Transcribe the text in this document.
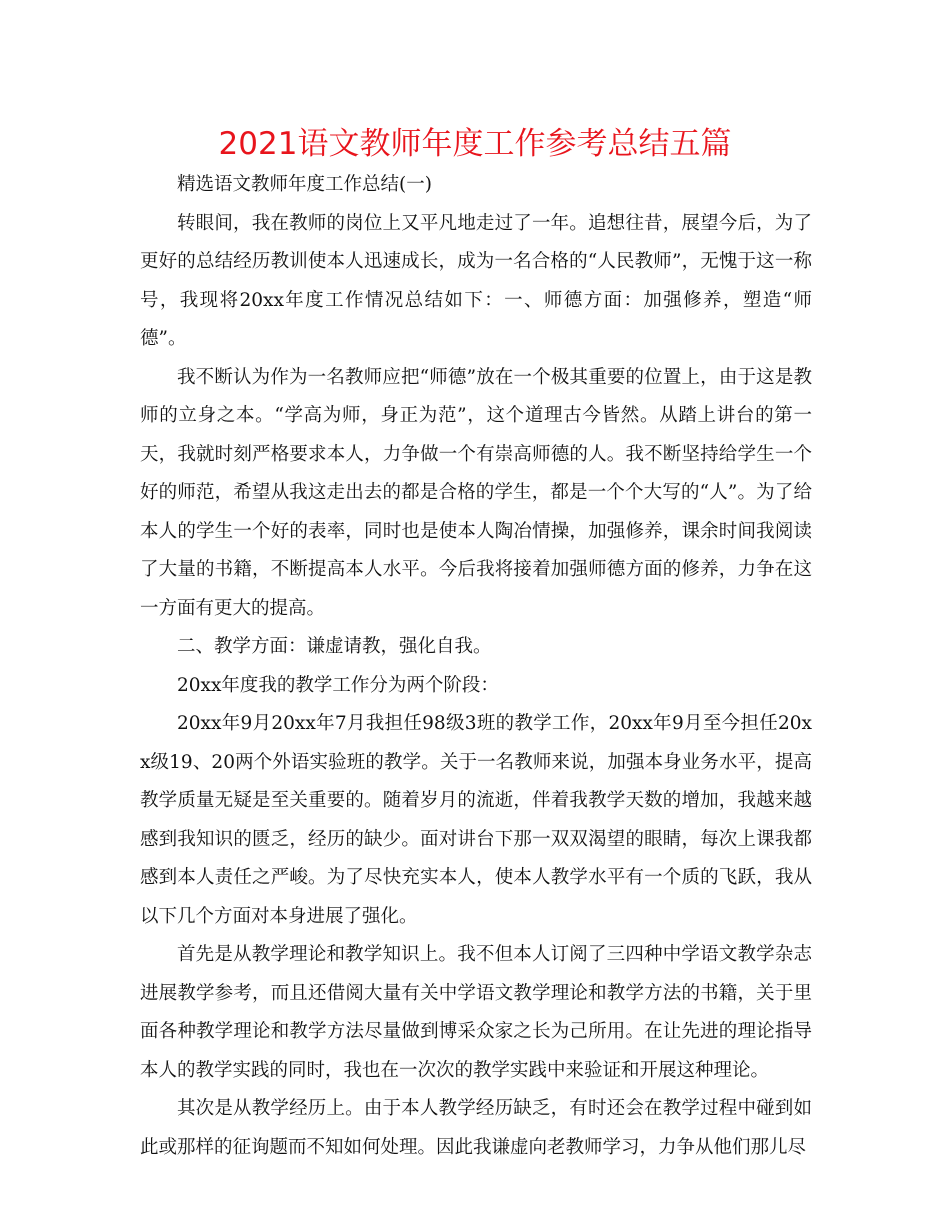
2021语文教师年度工作参考总结五篇

精选语文教师年度工作总结(一)

转眼间，我在教师的岗位上又平凡地走过了一年。追想往昔，展望今后，为了更好的总结经历教训使本人迅速成长，成为一名合格的“人民教师”，无愧于这一称号，我现将20xx年度工作情况总结如下：一、师德方面：加强修养，塑造“师德”。

我不断认为作为一名教师应把“师德”放在一个极其重要的位置上，由于这是教师的立身之本。“学高为师，身正为范”，这个道理古今皆然。从踏上讲台的第一天，我就时刻严格要求本人，力争做一个有崇高师德的人。我不断坚持给学生一个好的师范，希望从我这走出去的都是合格的学生，都是一个个大写的“人”。为了给本人的学生一个好的表率，同时也是使本人陶冶情操，加强修养，课余时间我阅读了大量的书籍，不断提高本人水平。今后我将接着加强师德方面的修养，力争在这一方面有更大的提高。

二、教学方面：谦虚请教，强化自我。

20xx年度我的教学工作分为两个阶段：

20xx年9月20xx年7月我担任98级3班的教学工作，20xx年9月至今担任20xx级19、20两个外语实验班的教学。关于一名教师来说，加强本身业务水平，提高教学质量无疑是至关重要的。随着岁月的流逝，伴着我教学天数的增加，我越来越感到我知识的匮乏，经历的缺少。面对讲台下那一双双渴望的眼睛，每次上课我都感到本人责任之严峻。为了尽快充实本人，使本人教学水平有一个质的飞跃，我从以下几个方面对本身进展了强化。

首先是从教学理论和教学知识上。我不但本人订阅了三四种中学语文教学杂志进展教学参考，而且还借阅大量有关中学语文教学理论和教学方法的书籍，关于里面各种教学理论和教学方法尽量做到博采众家之长为己所用。在让先进的理论指导本人的教学实践的同时，我也在一次次的教学实践中来验证和开展这种理论。

其次是从教学经历上。由于本人教学经历缺乏，有时还会在教学过程中碰到如此或那样的征询题而不知如何处理。因此我谦虚向老教师学习，力争从他们那儿尽
